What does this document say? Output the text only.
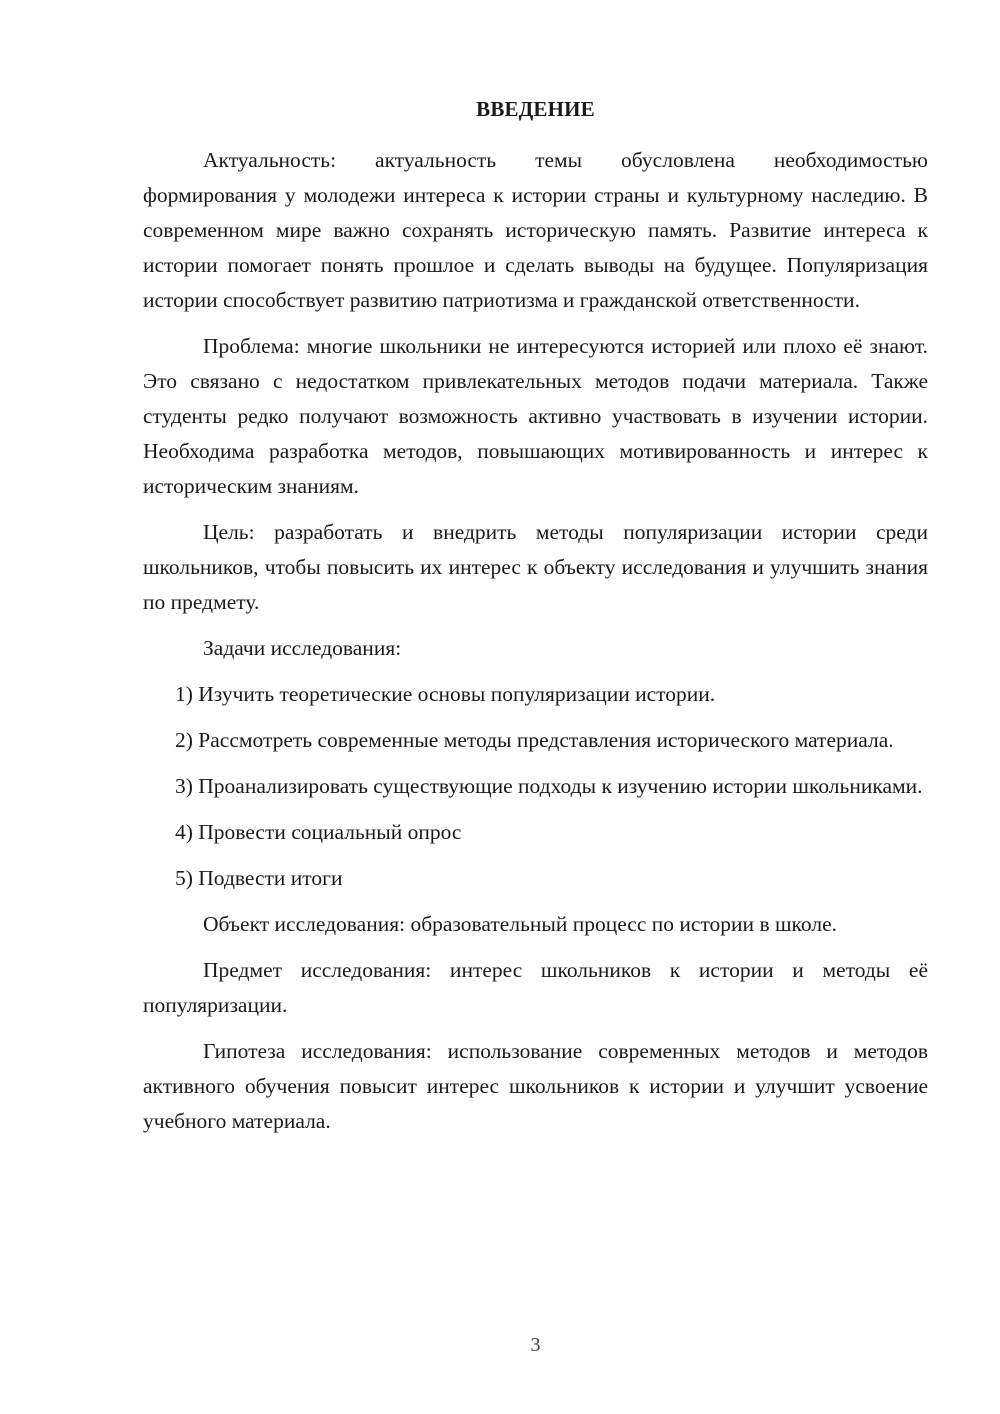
ВВЕДЕНИЕ

Актуальность: актуальность темы обусловлена необходимостью формирования у молодежи интереса к истории страны и культурному наследию. В современном мире важно сохранять историческую память. Развитие интереса к истории помогает понять прошлое и сделать выводы на будущее. Популяризация истории способствует развитию патриотизма и гражданской ответственности.

Проблема: многие школьники не интересуются историей или плохо её знают. Это связано с недостатком привлекательных методов подачи материала. Также студенты редко получают возможность активно участвовать в изучении истории. Необходима разработка методов, повышающих мотивированность и интерес к историческим знаниям.

Цель: разработать и внедрить методы популяризации истории среди школьников, чтобы повысить их интерес к объекту исследования и улучшить знания по предмету.

Задачи исследования:

1) Изучить теоретические основы популяризации истории.

2) Рассмотреть современные методы представления исторического материала.

3) Проанализировать существующие подходы к изучению истории школьниками.

4) Провести социальный опрос

5) Подвести итоги

Объект исследования: образовательный процесс по истории в школе.

Предмет исследования: интерес школьников к истории и методы её популяризации.

Гипотеза исследования: использование современных методов и методов активного обучения повысит интерес школьников к истории и улучшит усвоение учебного материала.

3
